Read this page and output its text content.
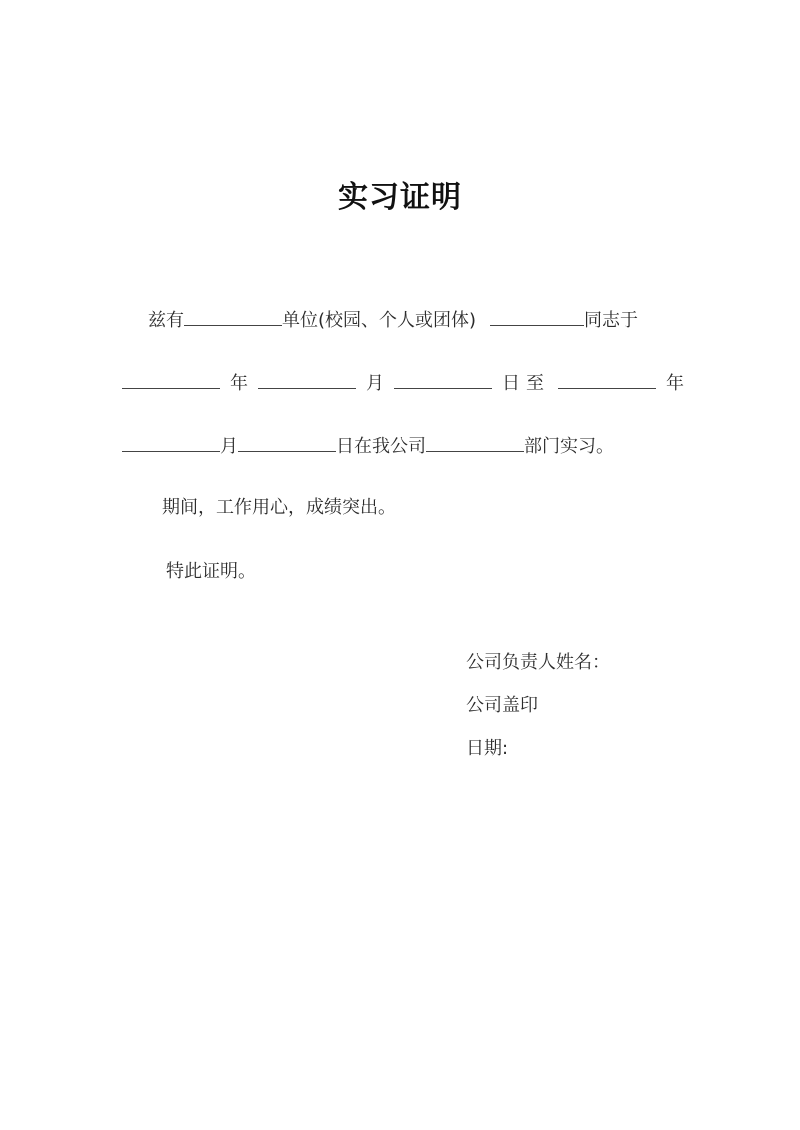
实习证明
兹有	单位(校园、个人或团体)	同志于
年	月	日 至	年
月	日在我公司	部门实习。
期间，工作用心，成绩突出。
特此证明。
公司负责人姓名：
公司盖印
日期:
